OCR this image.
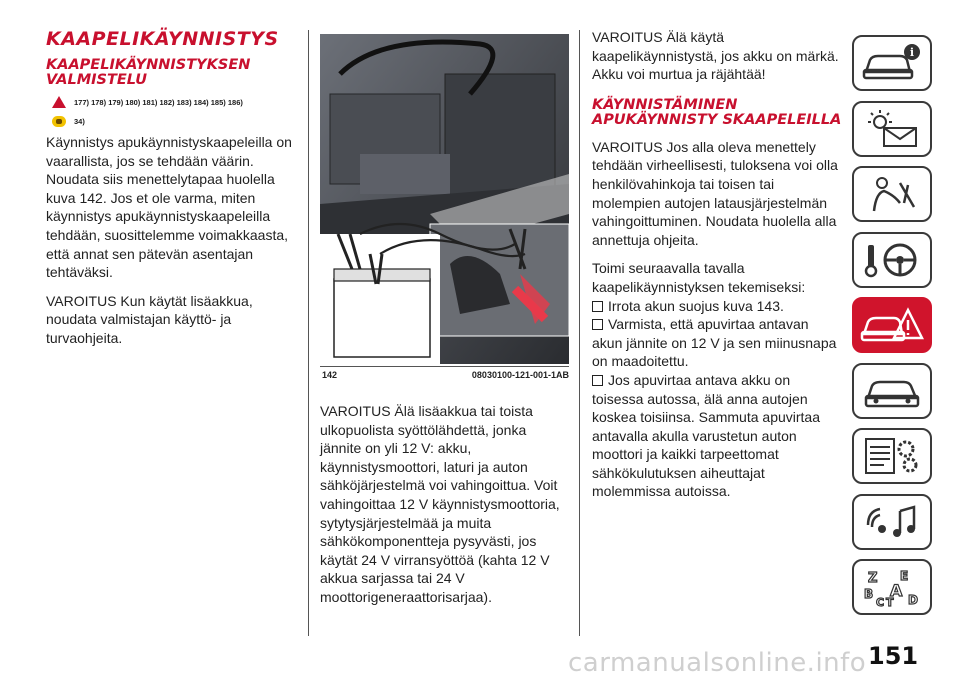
KAAPELIKÄYNNISTYS
KAAPELIKÄYNNISTYKSEN VALMISTELU
177) 178) 179) 180) 181) 182) 183) 184) 185) 186)
34)

Käynnistys apukäynnistyskaapeleilla on vaarallista, jos se tehdään väärin. Noudata siis menettelytapaa huolella kuva 142. Jos et ole varma, miten käynnistys apukäynnistyskaapeleilla tehdään, suosittelemme voimakkaasta, että annat sen pätevän asentajan tehtäväksi.

VAROITUS Kun käytät lisäakkua, noudata valmistajan käyttö- ja turvaohjeita.

142	08030100-121-001-1AB

VAROITUS Älä lisäakkua tai toista ulkopuolista syöttölähdettä, jonka jännite on yli 12 V: akku, käynnistysmoottori, laturi ja auton sähköjärjestelmä voi vahingoittua. Voit vahingoittaa 12 V käynnistysmoottoria, sytytysjärjestelmää ja muita sähkökomponentteja pysyvästi, jos käytät 24 V virransyöttöä (kahta 12 V akkua sarjassa tai 24 V moottorigeneraattorisarjaa).

VAROITUS Älä käytä kaapelikäynnistystä, jos akku on märkä. Akku voi murtua ja räjähtää!

KÄYNNISTÄMINEN APUKÄYNNISTY SKAAPELEILLA

VAROITUS Jos alla oleva menettely tehdään virheellisesti, tuloksena voi olla henkilövahinkoja tai toisen tai molempien autojen latausjärjestelmän vahingoittuminen. Noudata huolella alla annettuja ohjeita.

Toimi seuraavalla tavalla kaapelikäynnistyksen tekemiseksi:

Irrota akun suojus kuva 143.
Varmista, että apuvirtaa antavan akun jännite on 12 V ja sen miinusnapa on maadoitettu.
Jos apuvirtaa antava akku on toisessa autossa, älä anna autojen koskea toisiinsa. Sammuta apuvirtaa antavalla akulla varustetun auton moottori ja kaikki tarpeettomat sähkökulutuksen aiheuttajat molemmissa autoissa.
i
Z E
B A
C T D
carmanualsonline.info 151
